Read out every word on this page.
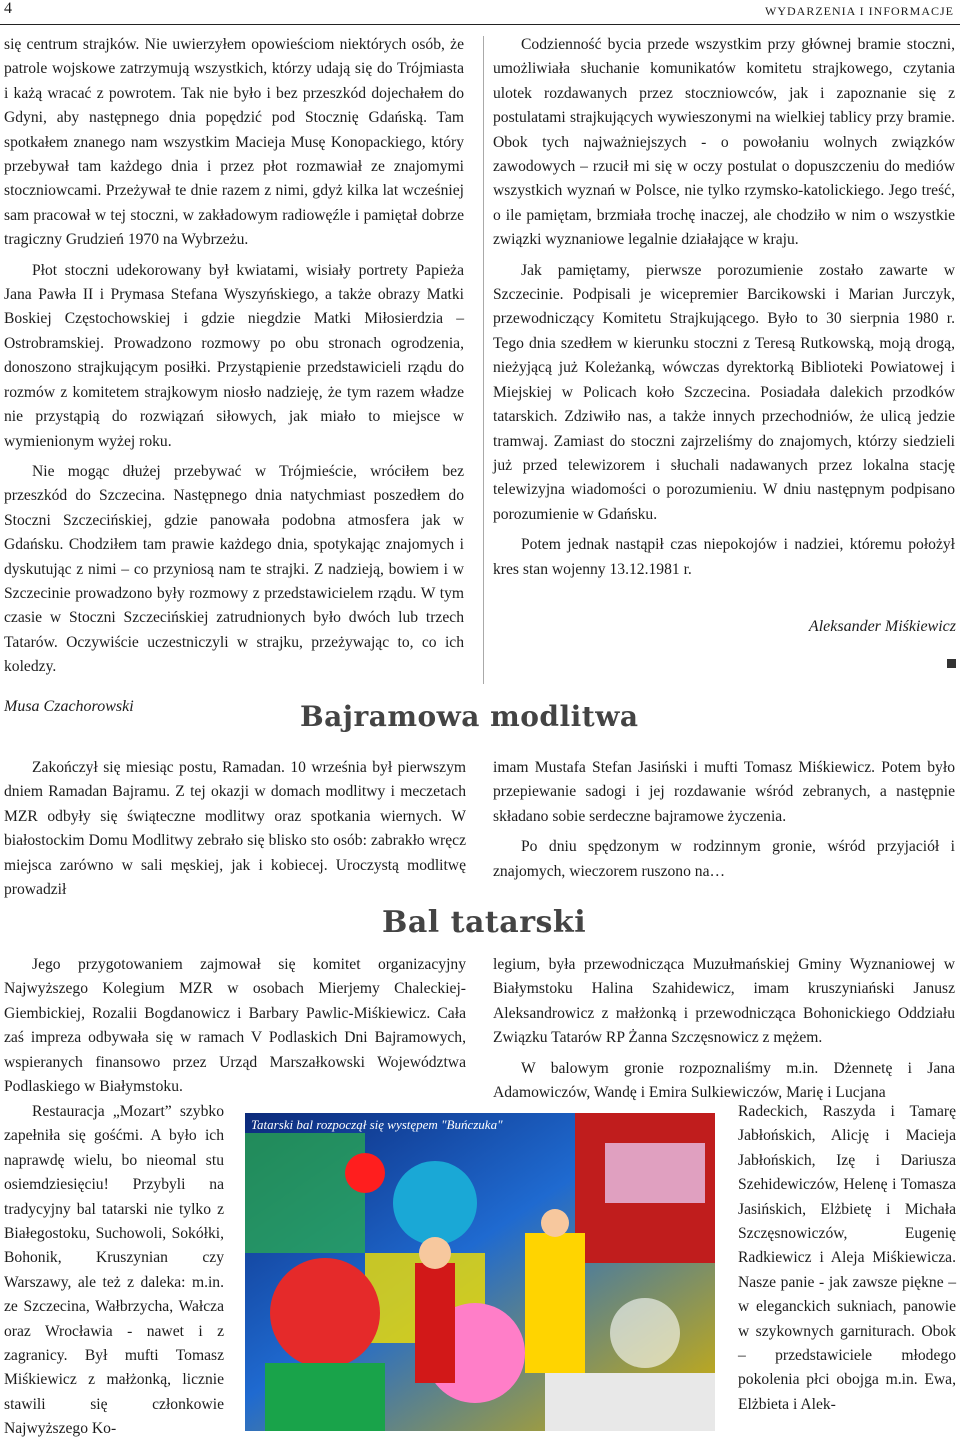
4	WYDARZENIA I INFORMACJE

się centrum strajków. Nie uwierzyłem opowieściom niektórych osób, że patrole wojskowe zatrzymują wszystkich, którzy udają się do Trójmiasta i każą wracać z powrotem. Tak nie było i bez przeszkód dojechałem do Gdyni, aby następnego dnia popędzić pod Stocznię Gdańską. Tam spotkałem znanego nam wszystkim Macieja Musę Konopackiego, który przebywał tam każdego dnia i przez płot rozmawiał ze znajomymi stoczniowcami. Przeżywał te dnie razem z nimi, gdyż kilka lat wcześniej sam pracował w tej stoczni, w zakładowym radiowęźle i pamiętał dobrze tragiczny Grudzień 1970 na Wybrzeżu.

Płot stoczni udekorowany był kwiatami, wisiały portrety Papieża Jana Pawła II i Prymasa Stefana Wyszyńskiego, a także obrazy Matki Boskiej Częstochowskiej i gdzie niegdzie Matki Miłosierdzia – Ostrobramskiej. Prowadzono rozmowy po obu stronach ogrodzenia, donoszono strajkującym posiłki. Przystąpienie przedstawicieli rządu do rozmów z komitetem strajkowym niosło nadzieję, że tym razem władze nie przystąpią do rozwiązań siłowych, jak miało to miejsce w wymienionym wyżej roku.

Nie mogąc dłużej przebywać w Trójmieście, wróciłem bez przeszkód do Szczecina. Następnego dnia natychmiast poszedłem do Stoczni Szczecińskiej, gdzie panowała podobna atmosfera jak w Gdańsku. Chodziłem tam prawie każdego dnia, spotykając znajomych i dyskutując z nimi – co przyniosą nam te strajki. Z nadzieją, bowiem i w Szczecinie prowadzono były rozmowy z przedstawicielem rządu. W tym czasie w Stoczni Szczecińskiej zatrudnionych było dwóch lub trzech Tatarów. Oczywiście uczestniczyli w strajku, przeżywając to, co ich koledzy.

Codzienność bycia przede wszystkim przy głównej bramie stoczni, umożliwiała słuchanie komunikatów komitetu strajkowego, czytania ulotek rozdawanych przez stoczniowców, jak i zapoznanie się z postulatami strajkujących wywieszonymi na wielkiej tablicy przy bramie. Obok tych najważniejszych - o powołaniu wolnych związków zawodowych – rzucił mi się w oczy postulat o dopuszczeniu do mediów wszystkich wyznań w Polsce, nie tylko rzymsko-katolickiego. Jego treść, o ile pamiętam, brzmiała trochę inaczej, ale chodziło w nim o wszystkie związki wyznaniowe legalnie działające w kraju.

Jak pamiętamy, pierwsze porozumienie zostało zawarte w Szczecinie. Podpisali je wicepremier Barcikowski i Marian Jurczyk, przewodniczący Komitetu Strajkującego. Było to 30 sierpnia 1980 r. Tego dnia szedłem w kierunku stoczni z Teresą Rutkowską, moją drogą, nieżyjącą już Koleżanką, wówczas dyrektorką Biblioteki Powiatowej i Miejskiej w Policach koło Szczecina. Posiadała dalekich przodków tatarskich. Zdziwiło nas, a także innych przechodniów, że ulicą jedzie tramwaj. Zamiast do stoczni zajrzeliśmy do znajomych, którzy siedzieli już przed telewizorem i słuchali nadawanych przez lokalna stację telewizyjna wiadomości o porozumieniu. W dniu następnym podpisano porozumienie w Gdańsku.

Potem jednak nastąpił czas niepokojów i nadziei, któremu położył kres stan wojenny 13.12.1981 r.

Aleksander Miśkiewicz
Musa Czachorowski	Bajramowa modlitwa

Zakończył się miesiąc postu, Ramadan. 10 września był pierwszym dniem Ramadan Bajramu. Z tej okazji w domach modlitwy i meczetach MZR odbyły się świąteczne modlitwy oraz spotkania wiernych. W białostockim Domu Modlitwy zebrało się blisko sto osób: zabrakło wręcz miejsca zarówno w sali męskiej, jak i kobiecej. Uroczystą modlitwę prowadził

imam Mustafa Stefan Jasiński i mufti Tomasz Miśkiewicz. Potem było przepiewanie sadogi i jej rozdawanie wśród zebranych, a następnie składano sobie serdeczne bajramowe życzenia.

Po dniu spędzonym w rodzinnym gronie, wśród przyjaciół i znajomych, wieczorem ruszono na…

Bal tatarski

Jego przygotowaniem zajmował się komitet organizacyjny Najwyższego Kolegium MZR w osobach Mierjemy Chaleckiej-Giembickiej, Rozalii Bogdanowicz i Barbary Pawlic-Miśkiewicz. Cała zaś impreza odbywała się w ramach V Podlaskich Dni Bajramowych, wspieranych finansowo przez Urząd Marszałkowski Województwa Podlaskiego w Białymstoku.

Restauracja „Mozart” szybko zapełniła się gośćmi. A było ich naprawdę wielu, bo nieomal stu osiemdziesięciu! Przybyli na tradycyjny bal tatarski nie tylko z Białegostoku, Suchowoli, Sokółki, Bohonik, Kruszynian czy Warszawy, ale też z daleka: m.in. ze Szczecina, Wałbrzycha, Wałcza oraz Wrocławia - nawet i z zagranicy. Był mufti Tomasz Miśkiewicz z małżonką, licznie stawili się członkowie Najwyższego Ko-

legium, była przewodnicząca Muzułmańskiej Gminy Wyznaniowej w Białymstoku Halina Szahidewicz, imam kruszyniański Janusz Aleksandrowicz z małżonką i przewodnicząca Bohonickiego Oddziału Związku Tatarów RP Żanna Szczęsnowicz z mężem.

W balowym gronie rozpoznaliśmy m.in. Dżennetę i Jana Adamowiczów, Wandę i Emira Sulkiewiczów, Marię i Lucjana

Radeckich, Raszyda i Tamarę Jabłońskich, Alicję i Macieja Jabłońskich, Izę i Dariusza Szehidewiczów, Helenę i Tomasza Jasińskich, Elżbietę i Michała Szczęsnowiczów, Eugenię Radkiewicz i Aleja Miśkiewicza. Nasze panie - jak zawsze piękne – w eleganckich sukniach, panowie w szykownych garniturach. Obok – przedstawiciele młodego pokolenia płci obojga m.in. Ewa, Elżbieta i Alek-

Tatarski bal rozpoczął się występem "Buńczuka"
